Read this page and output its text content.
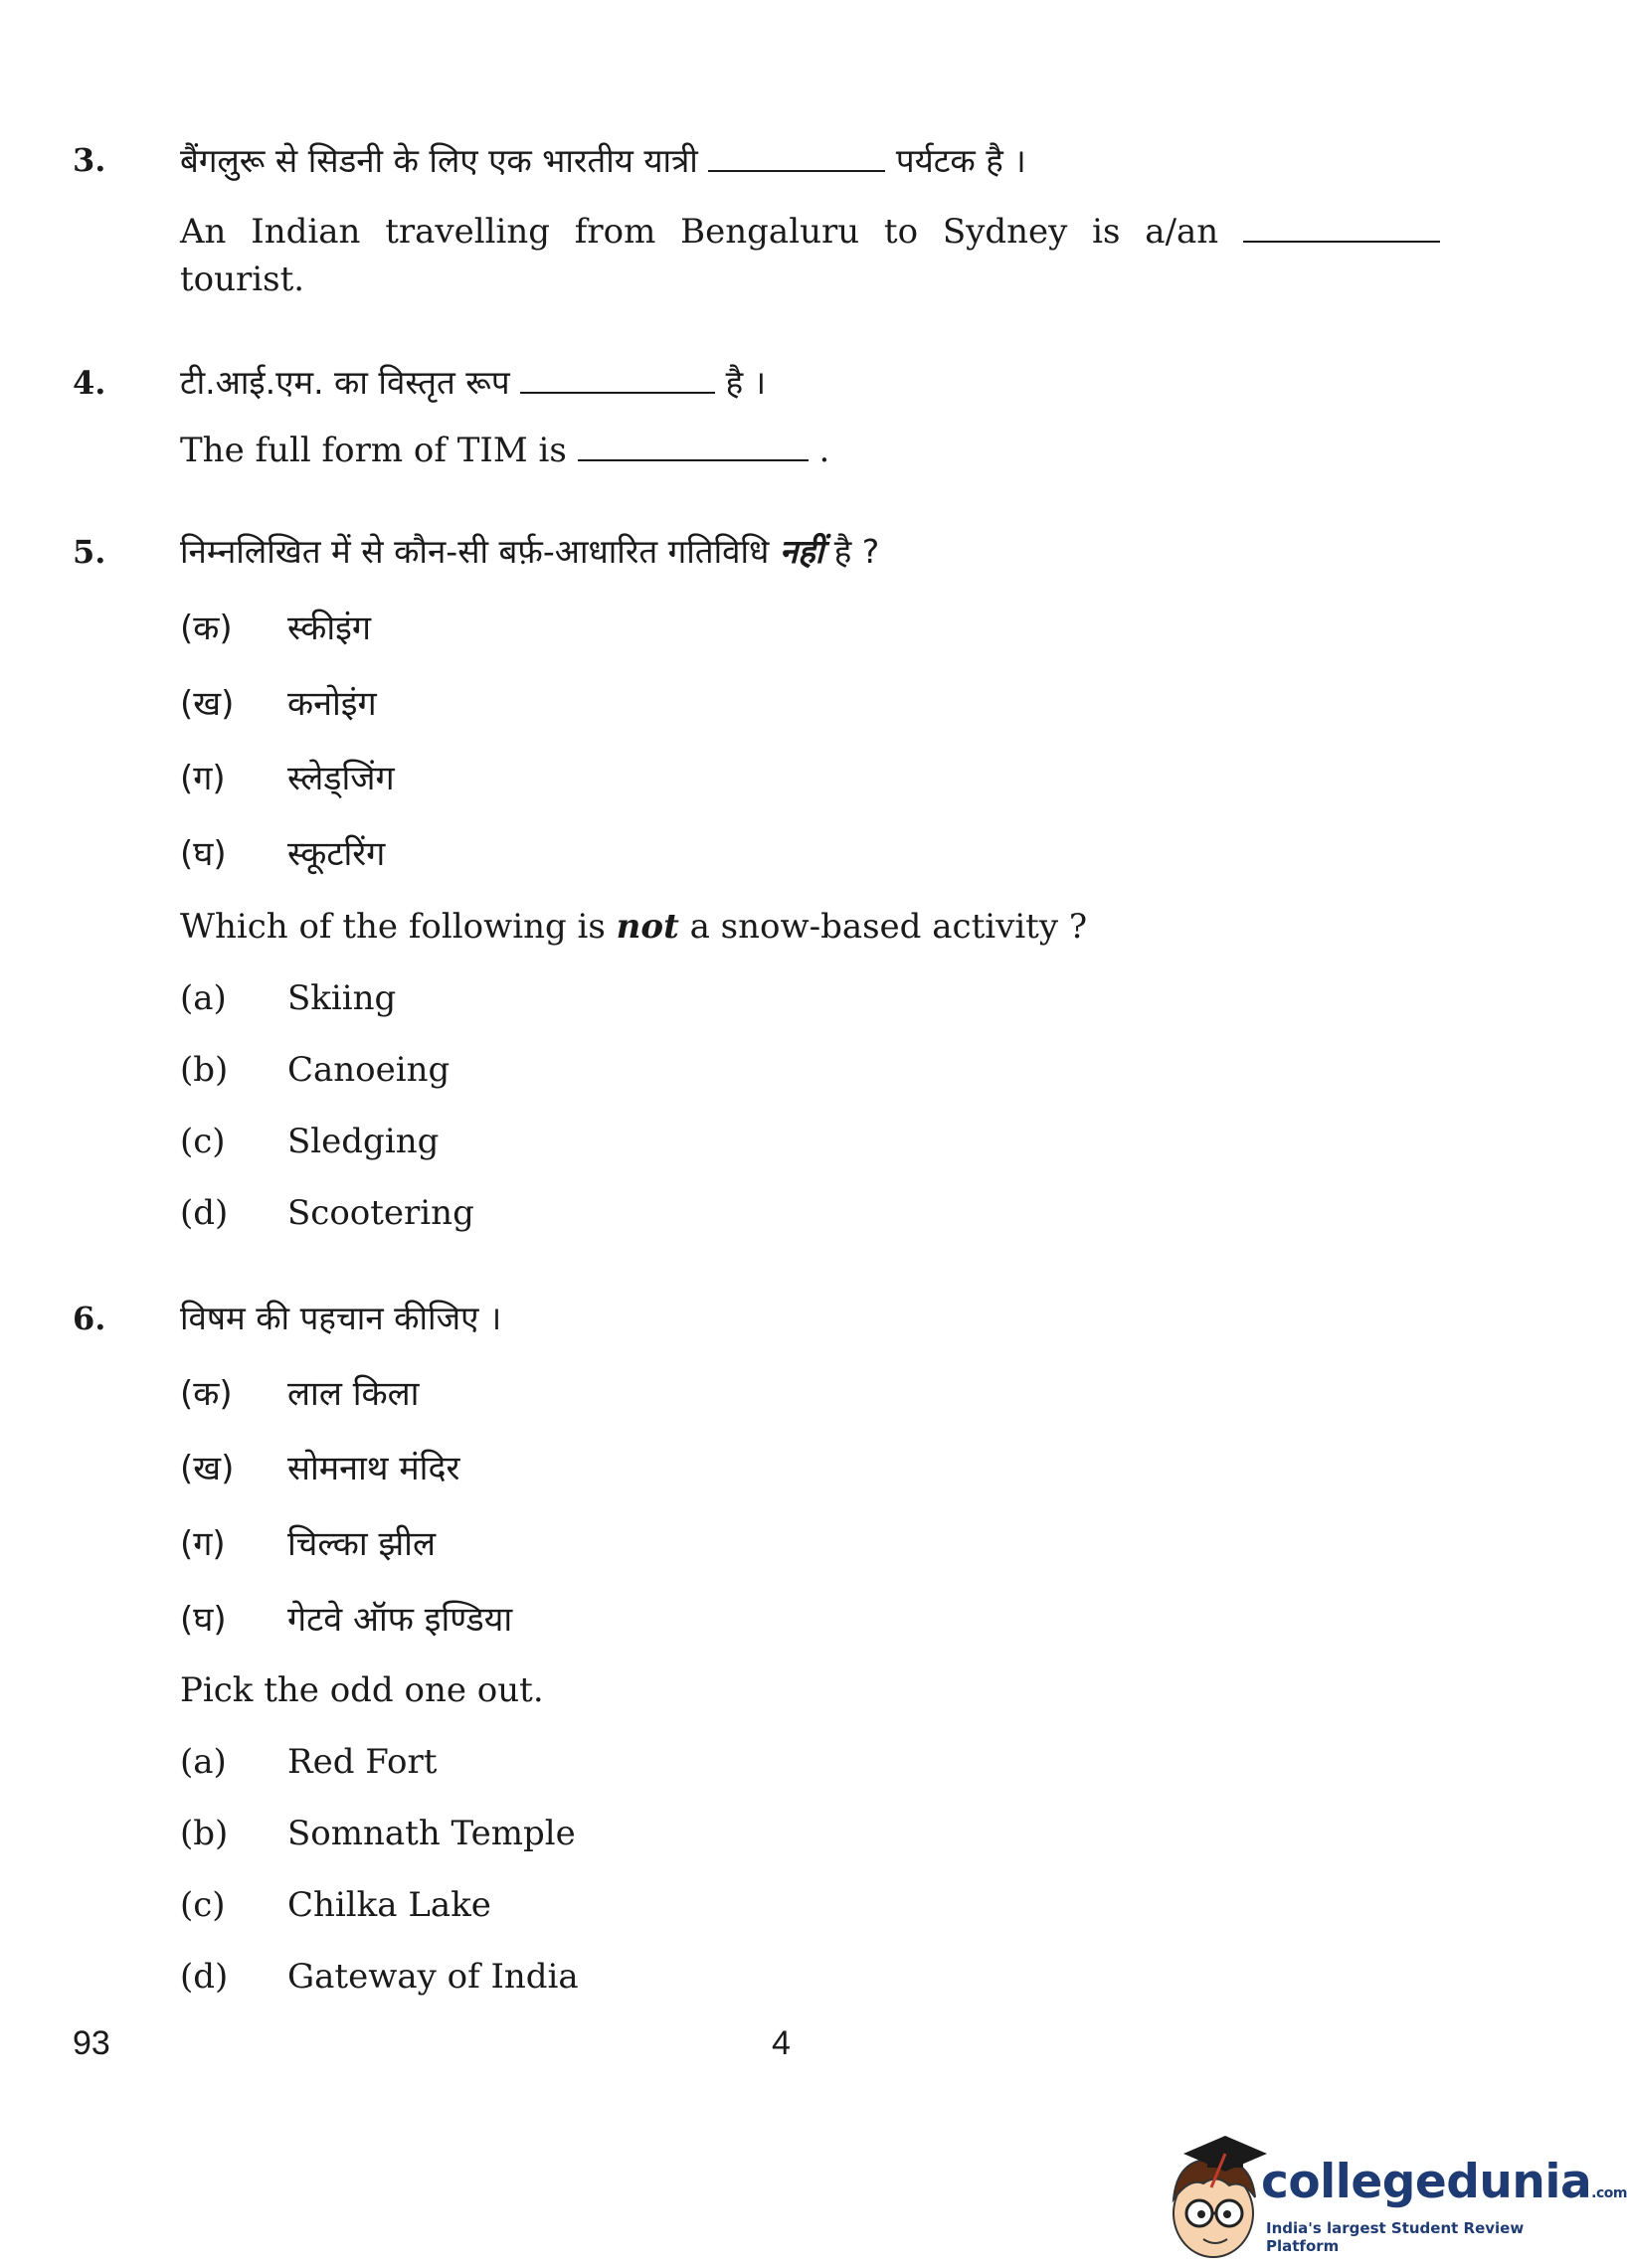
3. बैंगलुरू से सिडनी के लिए एक भारतीय यात्री	पर्यटक है ।
An Indian travelling from Bengaluru to Sydney is a/an
tourist.
4. टी.आई.एम. का विस्तृत रूप	है ।
The full form of TIM is	.
5. निम्नलिखित में से कौन-सी बर्फ़-आधारित गतिविधि नहीं है ?
(क) स्कीइंग
(ख) कनोइंग
(ग) स्लेड्जिंग
(घ) स्कूटरिंग
Which of the following is not a snow-based activity ?
(a) Skiing
(b) Canoeing
(c) Sledging
(d) Scootering
6. विषम की पहचान कीजिए ।
(क) लाल किला
(ख) सोमनाथ मंदिर
(ग) चिल्का झील
(घ) गेटवे ऑफ इण्डिया
Pick the odd one out.
(a) Red Fort
(b) Somnath Temple
(c) Chilka Lake
(d) Gateway of India
93	4
collegedunia.com
India's largest Student Review Platform
